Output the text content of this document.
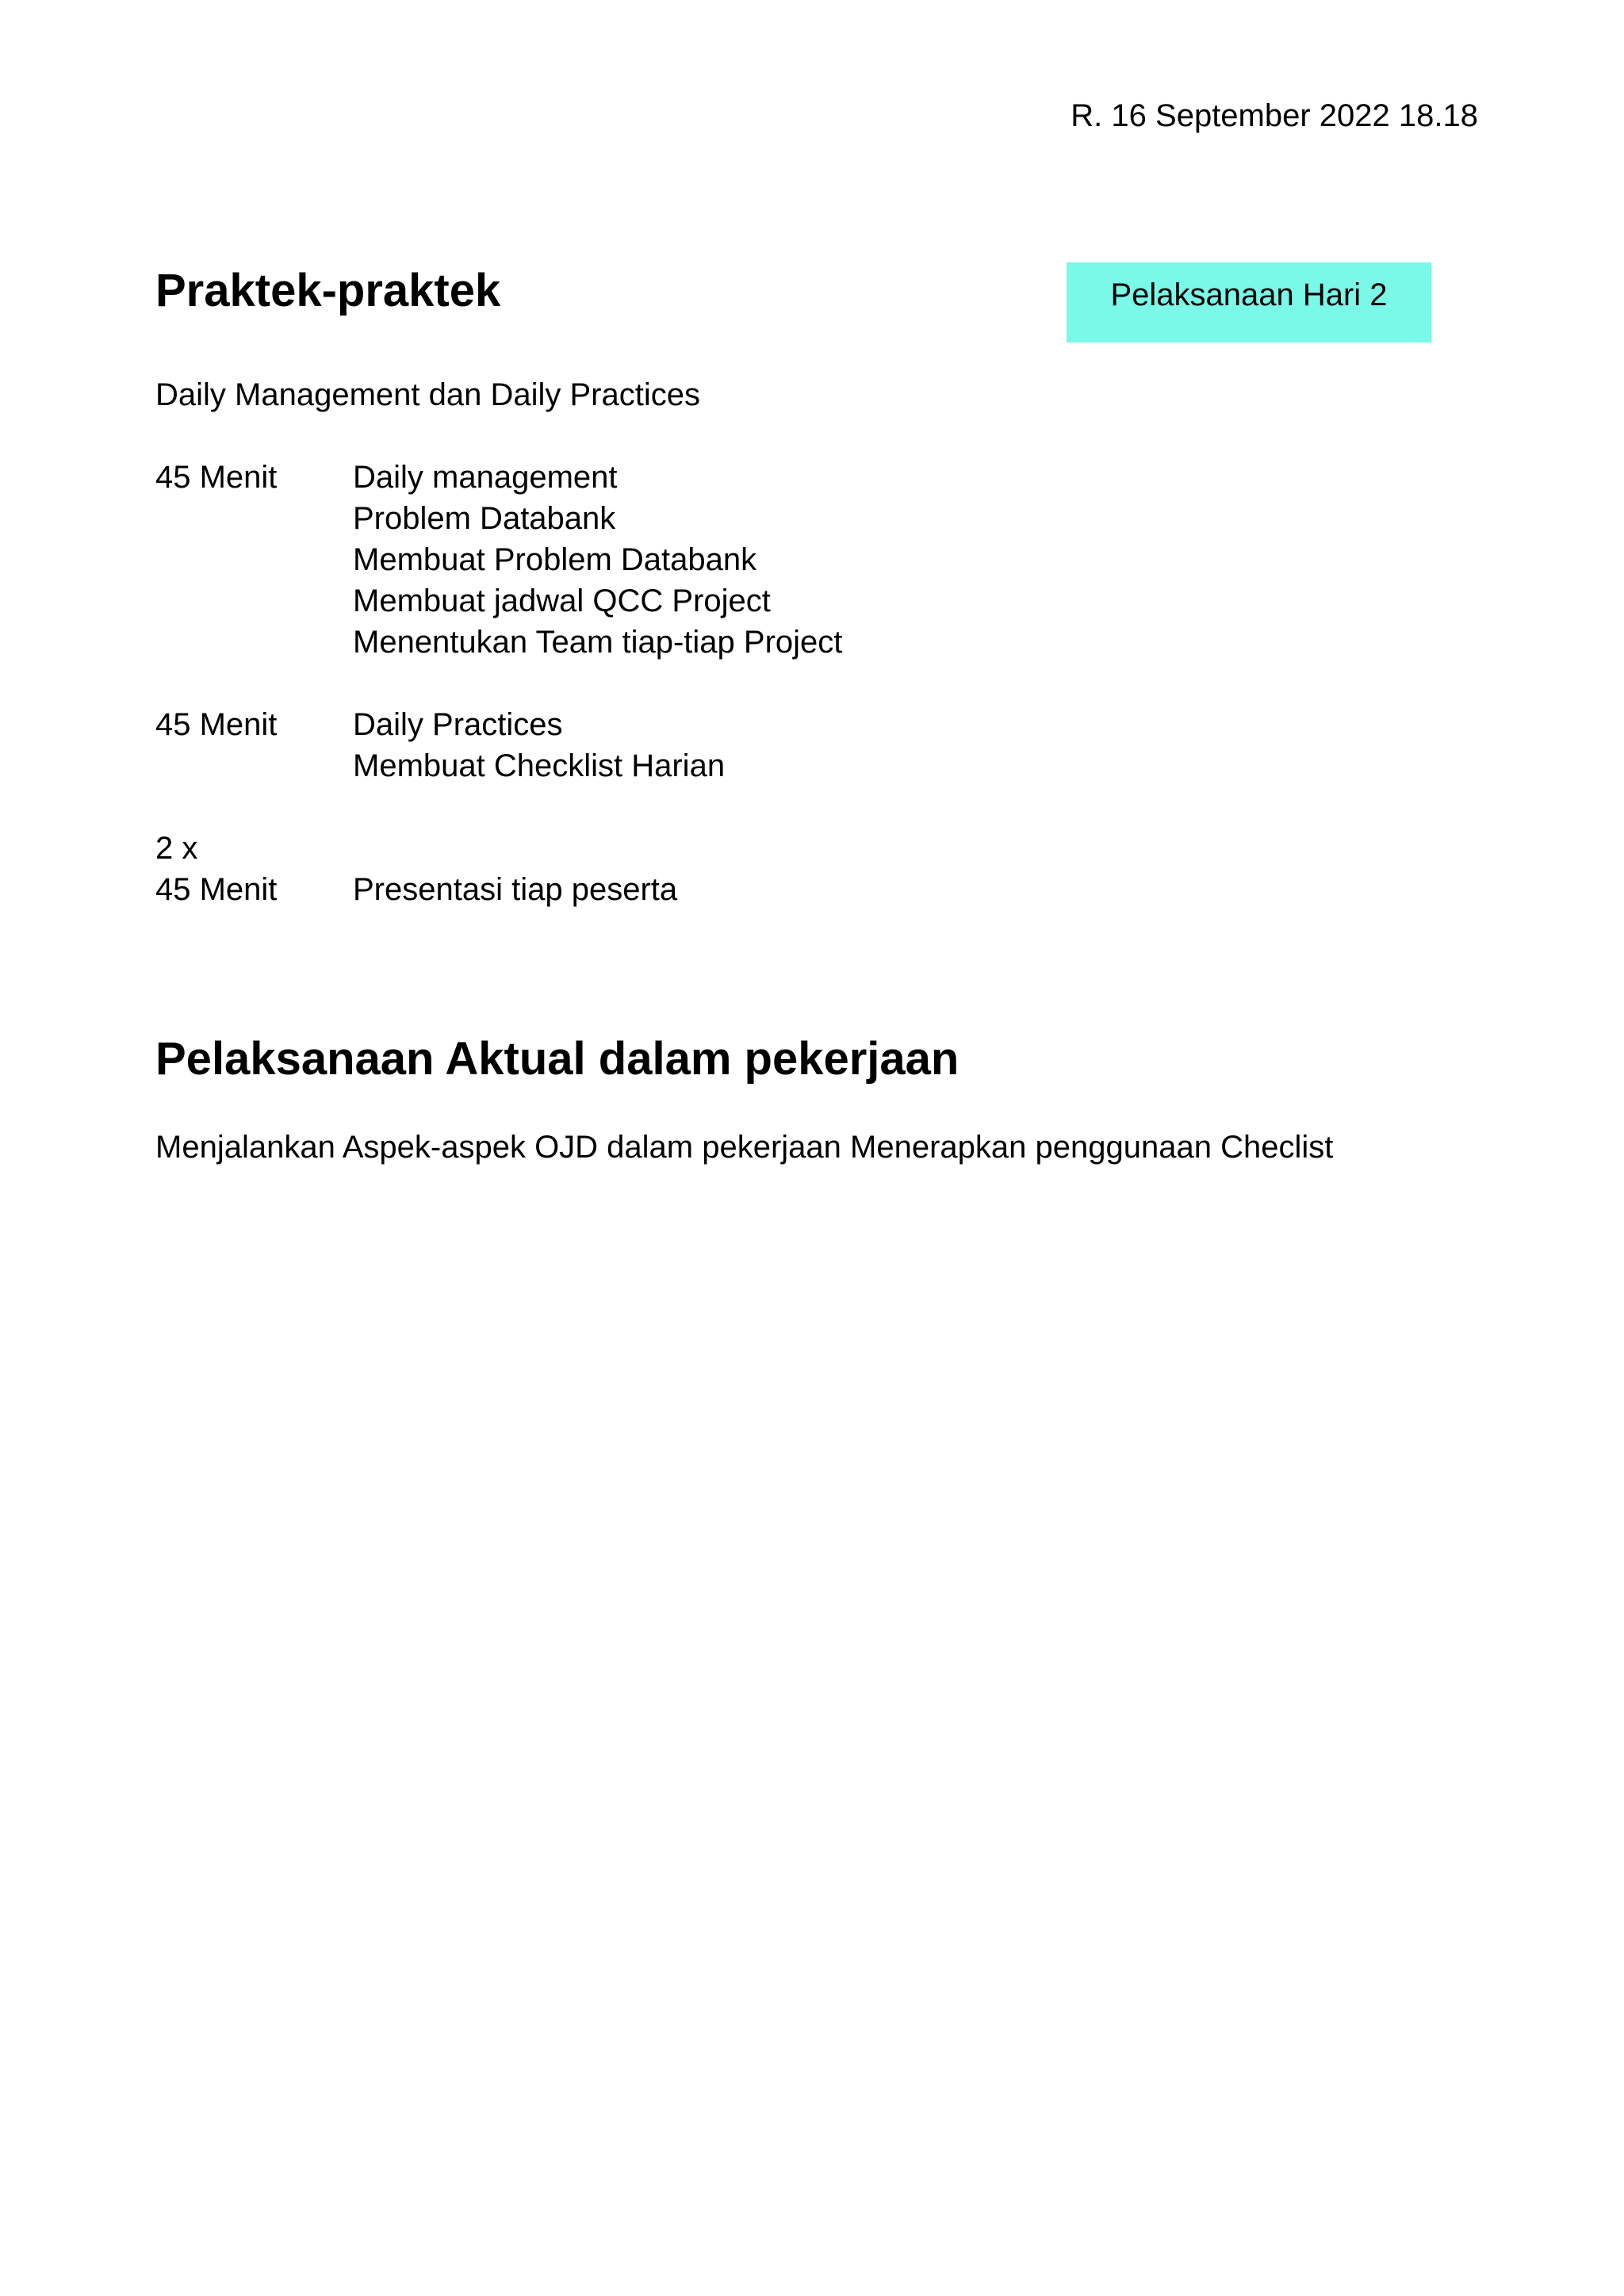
R. 16 September 2022 18.18
Praktek-praktek	Pelaksanaan Hari 2
Daily Management dan Daily Practices
45 Menit	Daily management
Problem Databank
Membuat Problem Databank
Membuat jadwal QCC Project
Menentukan Team tiap-tiap Project
45 Menit	Daily Practices
Membuat Checklist Harian
2 x
45 Menit	Presentasi tiap peserta
Pelaksanaan Aktual dalam pekerjaan
Menjalankan Aspek-aspek OJD dalam pekerjaan Menerapkan penggunaan Checlist
